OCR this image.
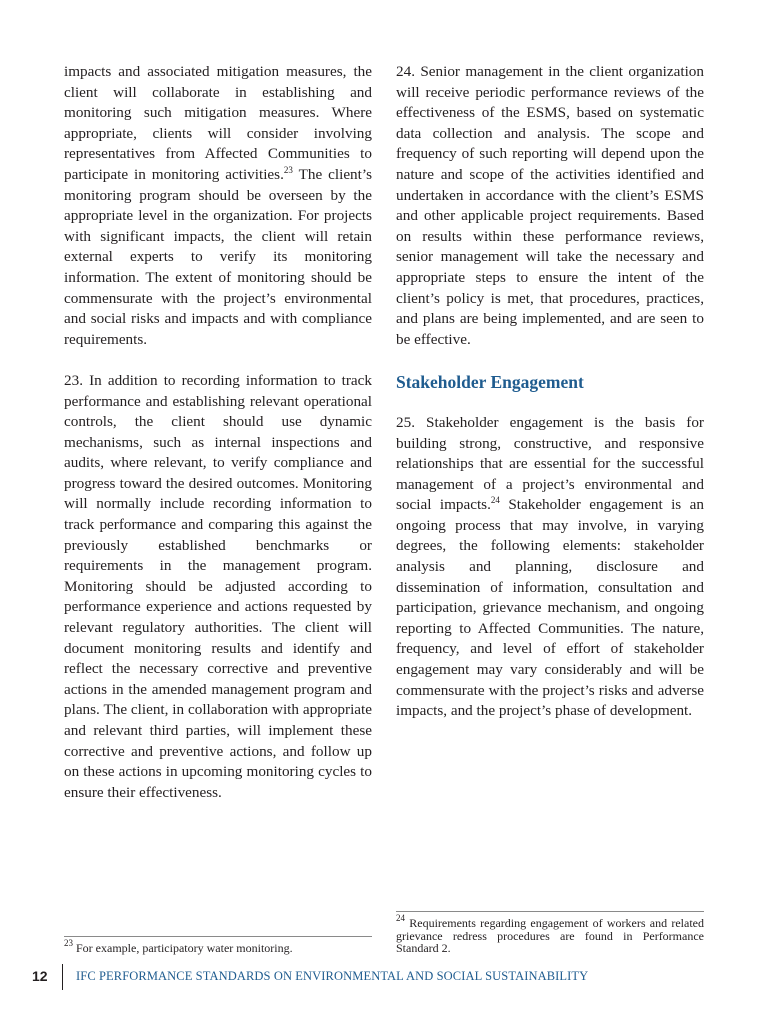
impacts and associated mitigation measures, the client will collaborate in establishing and monitoring such mitigation measures. Where appropriate, clients will consider involving representatives from Affected Communities to participate in monitoring activities.$^{23}$ The client’s monitoring program should be overseen by the appropriate level in the organization. For projects with significant impacts, the client will retain external experts to verify its monitoring information. The extent of monitoring should be commensurate with the project’s environmental and social risks and impacts and with compliance requirements.

23. In addition to recording information to track performance and establishing relevant operational controls, the client should use dynamic mechanisms, such as internal inspections and audits, where relevant, to verify compliance and progress toward the desired outcomes. Monitoring will normally include recording information to track performance and comparing this against the previously established benchmarks or requirements in the management program. Monitoring should be adjusted according to performance experience and actions requested by relevant regulatory authorities. The client will document monitoring results and identify and reflect the necessary corrective and preventive actions in the amended management program and plans. The client, in collaboration with appropriate and relevant third parties, will implement these corrective and preventive actions, and follow up on these actions in upcoming monitoring cycles to ensure their effectiveness.

24. Senior management in the client organization will receive periodic performance reviews of the effectiveness of the ESMS, based on systematic data collection and analysis. The scope and frequency of such reporting will depend upon the nature and scope of the activities identified and undertaken in accordance with the client’s ESMS and other applicable project requirements. Based on results within these performance reviews, senior management will take the necessary and appropriate steps to ensure the intent of the client’s policy is met, that procedures, practices, and plans are being implemented, and are seen to be effective.

Stakeholder Engagement

25. Stakeholder engagement is the basis for building strong, constructive, and responsive relationships that are essential for the successful management of a project’s environmental and social impacts.$^{24}$ Stakeholder engagement is an ongoing process that may involve, in varying degrees, the following elements: stakeholder analysis and planning, disclosure and dissemination of information, consultation and participation, grievance mechanism, and ongoing reporting to Affected Communities. The nature, frequency, and level of effort of stakeholder engagement may vary considerably and will be commensurate with the project’s risks and adverse impacts, and the project’s phase of development.

$^{23}$ For example, participatory water monitoring.
$^{24}$ Requirements regarding engagement of workers and related grievance redress procedures are found in Performance Standard 2.
12 IFC PERFORMANCE STANDARDS ON ENVIRONMENTAL AND SOCIAL SUSTAINABILITY
